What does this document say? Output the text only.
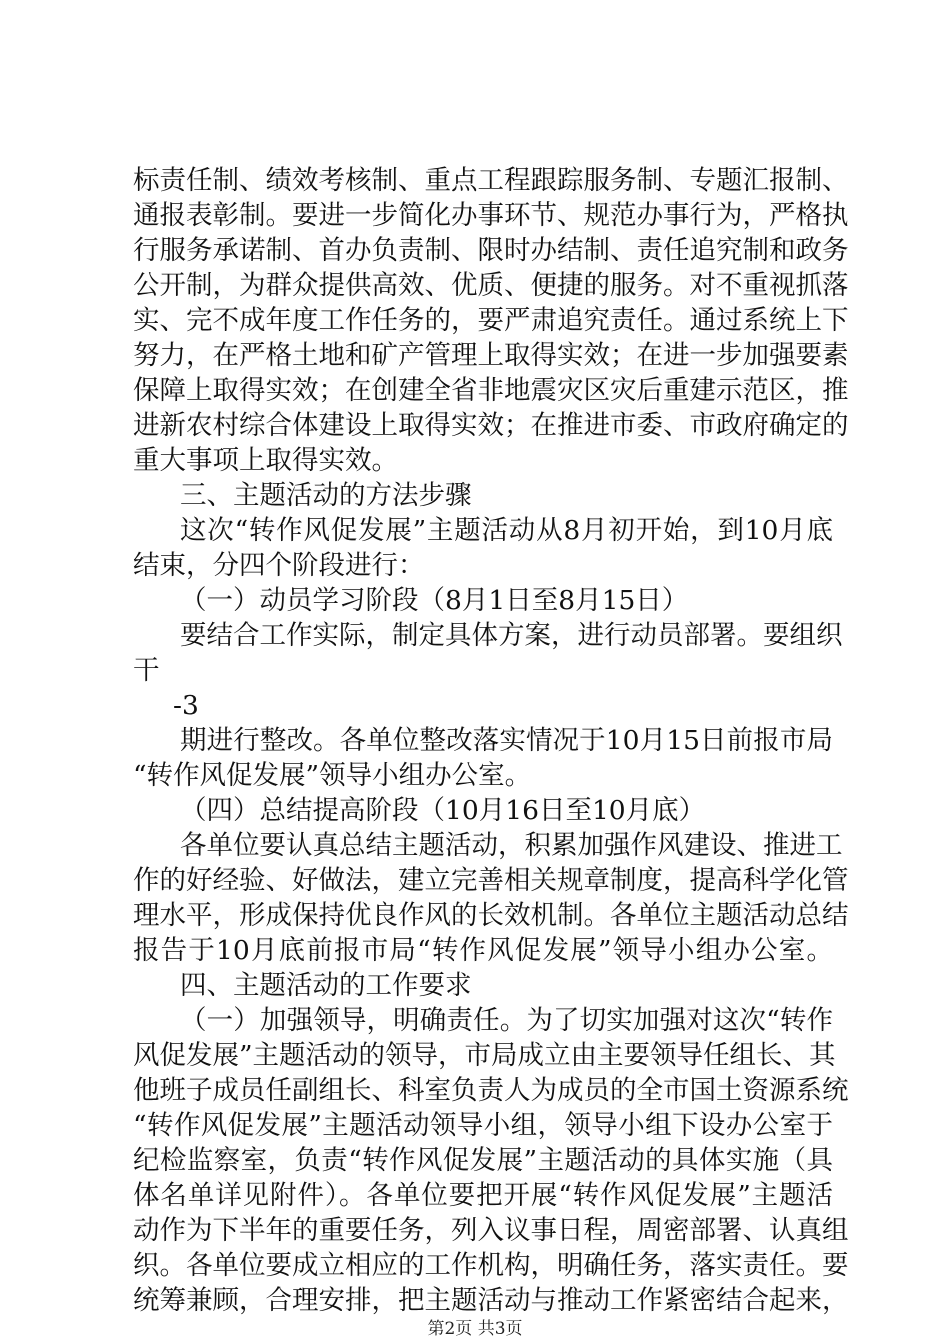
标责任制、绩效考核制、重点工程跟踪服务制、专题汇报制、
通报表彰制。要进一步简化办事环节、规范办事行为，严格执
行服务承诺制、首办负责制、限时办结制、责任追究制和政务
公开制，为群众提供高效、优质、便捷的服务。对不重视抓落
实、完不成年度工作任务的，要严肃追究责任。通过系统上下
努力，在严格土地和矿产管理上取得实效；在进一步加强要素
保障上取得实效；在创建全省非地震灾区灾后重建示范区，推
进新农村综合体建设上取得实效；在推进市委、市政府确定的
重大事项上取得实效。
三、主题活动的方法步骤
这次“转作风促发展”主题活动从8月初开始，到10月底
结束，分四个阶段进行：
（一）动员学习阶段（8月1日至8月15日）
要结合工作实际，制定具体方案，进行动员部署。要组织
干
-3
期进行整改。各单位整改落实情况于10月15日前报市局
“转作风促发展”领导小组办公室。
（四）总结提高阶段（10月16日至10月底）
各单位要认真总结主题活动，积累加强作风建设、推进工
作的好经验、好做法，建立完善相关规章制度，提高科学化管
理水平，形成保持优良作风的长效机制。各单位主题活动总结
报告于10月底前报市局“转作风促发展”领导小组办公室。
四、主题活动的工作要求
（一）加强领导，明确责任。为了切实加强对这次“转作
风促发展”主题活动的领导，市局成立由主要领导任组长、其
他班子成员任副组长、科室负责人为成员的全市国土资源系统
“转作风促发展”主题活动领导小组，领导小组下设办公室于
纪检监察室，负责“转作风促发展”主题活动的具体实施（具
体名单详见附件）。各单位要把开展“转作风促发展”主题活
动作为下半年的重要任务，列入议事日程，周密部署、认真组
织。各单位要成立相应的工作机构，明确任务，落实责任。要
统筹兼顾，合理安排，把主题活动与推动工作紧密结合起来，
第2页 共3页
